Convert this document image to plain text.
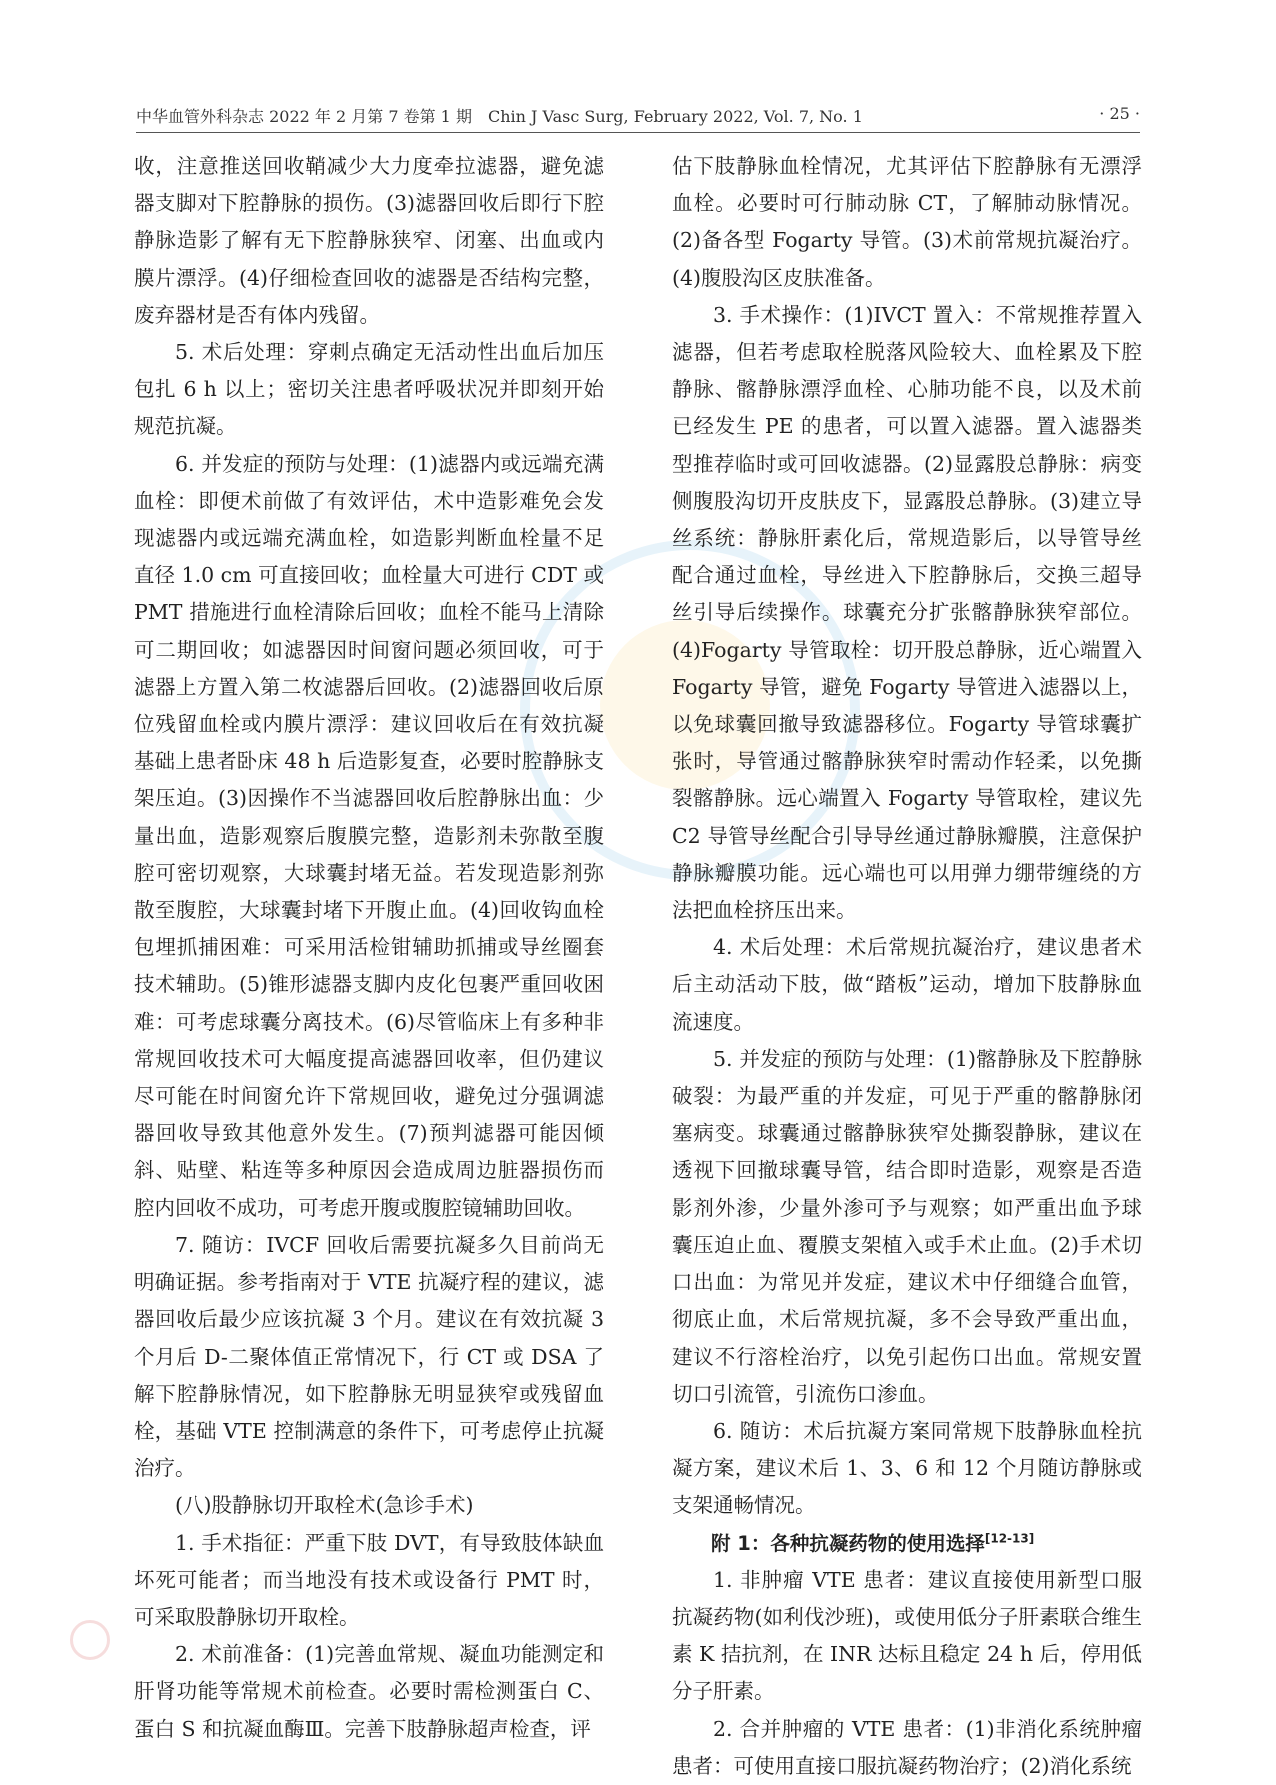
中华血管外科杂志 2022 年 2 月第 7 卷第 1 期　Chin J Vasc Surg, February 2022, Vol. 7, No. 1	· 25 ·

收，注意推送回收鞘减少大力度牵拉滤器，避免滤器支脚对下腔静脉的损伤。(3)滤器回收后即行下腔静脉造影了解有无下腔静脉狭窄、闭塞、出血或内膜片漂浮。(4)仔细检查回收的滤器是否结构完整，废弃器材是否有体内残留。

5. 术后处理：穿刺点确定无活动性出血后加压包扎 6 h 以上；密切关注患者呼吸状况并即刻开始规范抗凝。

6. 并发症的预防与处理：(1)滤器内或远端充满血栓：即便术前做了有效评估，术中造影难免会发现滤器内或远端充满血栓，如造影判断血栓量不足直径 1.0 cm 可直接回收；血栓量大可进行 CDT 或 PMT 措施进行血栓清除后回收；血栓不能马上清除可二期回收；如滤器因时间窗问题必须回收，可于滤器上方置入第二枚滤器后回收。(2)滤器回收后原位残留血栓或内膜片漂浮：建议回收后在有效抗凝基础上患者卧床 48 h 后造影复查，必要时腔静脉支架压迫。(3)因操作不当滤器回收后腔静脉出血：少量出血，造影观察后腹膜完整，造影剂未弥散至腹腔可密切观察，大球囊封堵无益。若发现造影剂弥散至腹腔，大球囊封堵下开腹止血。(4)回收钩血栓包埋抓捕困难：可采用活检钳辅助抓捕或导丝圈套技术辅助。(5)锥形滤器支脚内皮化包裹严重回收困难：可考虑球囊分离技术。(6)尽管临床上有多种非常规回收技术可大幅度提高滤器回收率，但仍建议尽可能在时间窗允许下常规回收，避免过分强调滤器回收导致其他意外发生。(7)预判滤器可能因倾斜、贴壁、粘连等多种原因会造成周边脏器损伤而腔内回收不成功，可考虑开腹或腹腔镜辅助回收。

7. 随访：IVCF 回收后需要抗凝多久目前尚无明确证据。参考指南对于 VTE 抗凝疗程的建议，滤器回收后最少应该抗凝 3 个月。建议在有效抗凝 3 个月后 D-二聚体值正常情况下，行 CT 或 DSA 了解下腔静脉情况，如下腔静脉无明显狭窄或残留血栓，基础 VTE 控制满意的条件下，可考虑停止抗凝治疗。

(八)股静脉切开取栓术(急诊手术)

1. 手术指征：严重下肢 DVT，有导致肢体缺血坏死可能者；而当地没有技术或设备行 PMT 时，可采取股静脉切开取栓。

2. 术前准备：(1)完善血常规、凝血功能测定和肝肾功能等常规术前检查。必要时需检测蛋白 C、蛋白 S 和抗凝血酶Ⅲ。完善下肢静脉超声检查，评

估下肢静脉血栓情况，尤其评估下腔静脉有无漂浮血栓。必要时可行肺动脉 CT，了解肺动脉情况。(2)备各型 Fogarty 导管。(3)术前常规抗凝治疗。(4)腹股沟区皮肤准备。

3. 手术操作：(1)IVCT 置入：不常规推荐置入滤器，但若考虑取栓脱落风险较大、血栓累及下腔静脉、髂静脉漂浮血栓、心肺功能不良，以及术前已经发生 PE 的患者，可以置入滤器。置入滤器类型推荐临时或可回收滤器。(2)显露股总静脉：病变侧腹股沟切开皮肤皮下，显露股总静脉。(3)建立导丝系统：静脉肝素化后，常规造影后，以导管导丝配合通过血栓，导丝进入下腔静脉后，交换三超导丝引导后续操作。球囊充分扩张髂静脉狭窄部位。(4)Fogarty 导管取栓：切开股总静脉，近心端置入 Fogarty 导管，避免 Fogarty 导管进入滤器以上，以免球囊回撤导致滤器移位。Fogarty 导管球囊扩张时，导管通过髂静脉狭窄时需动作轻柔，以免撕裂髂静脉。远心端置入 Fogarty 导管取栓，建议先 C2 导管导丝配合引导导丝通过静脉瓣膜，注意保护静脉瓣膜功能。远心端也可以用弹力绷带缠绕的方法把血栓挤压出来。

4. 术后处理：术后常规抗凝治疗，建议患者术后主动活动下肢，做“踏板”运动，增加下肢静脉血流速度。

5. 并发症的预防与处理：(1)髂静脉及下腔静脉破裂：为最严重的并发症，可见于严重的髂静脉闭塞病变。球囊通过髂静脉狭窄处撕裂静脉，建议在透视下回撤球囊导管，结合即时造影，观察是否造影剂外渗，少量外渗可予与观察；如严重出血予球囊压迫止血、覆膜支架植入或手术止血。(2)手术切口出血：为常见并发症，建议术中仔细缝合血管，彻底止血，术后常规抗凝，多不会导致严重出血，建议不行溶栓治疗，以免引起伤口出血。常规安置切口引流管，引流伤口渗血。

6. 随访：术后抗凝方案同常规下肢静脉血栓抗凝方案，建议术后 1、3、6 和 12 个月随访静脉或支架通畅情况。

附 1：各种抗凝药物的使用选择[12-13]

1. 非肿瘤 VTE 患者：建议直接使用新型口服抗凝药物(如利伐沙班)，或使用低分子肝素联合维生素 K 拮抗剂，在 INR 达标且稳定 24 h 后，停用低分子肝素。

2. 合并肿瘤的 VTE 患者：(1)非消化系统肿瘤患者：可使用直接口服抗凝药物治疗；(2)消化系统
